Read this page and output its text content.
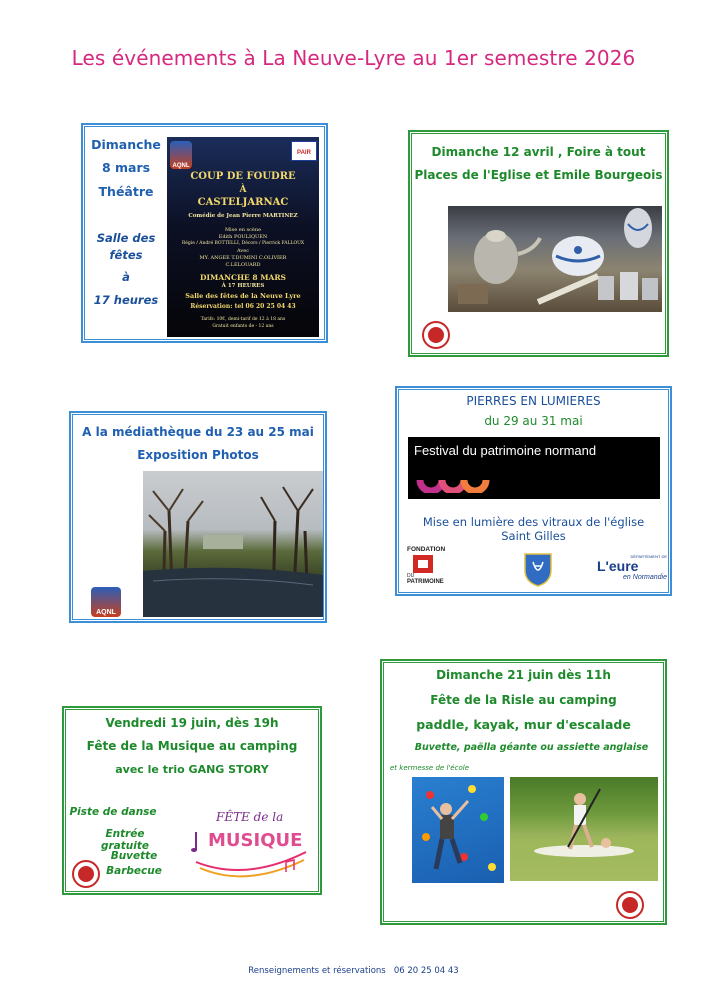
Les événements à La Neuve-Lyre au 1er semestre 2026
Dimanche
8 mars
Théâtre
Salle des
fêtes
à
17 heures
AQNL
PAIR
COUP DE FOUDRE
À
CASTELJARNAC
Comédie de Jean Pierre MARTINEZ
Mise en scène
Edith POULIQUEN
Régie / André BOTTELLI, Décors / Pierrick FALLOUX
Avec
MY. ANGEE T.DUMINI C.OLIVIER
C.LELOUARD
DIMANCHE 8 MARS
À 17 HEURES
Salle des fêtes de la Neuve Lyre
Réservation: tel 06 20 25 04 43
Tarifs: 10€, demi-tarif de 12 à 18 ans
Gratuit enfants de - 12 ans
Dimanche 12 avril , Foire à tout
Places de l'Eglise et Emile Bourgeois
A la médiathèque du 23 au 25 mai
Exposition Photos
AQNL
PIERRES EN LUMIERES
du 29 au 31 mai
Festival du patrimoine normand
Mise en lumière des vitraux de l'église
Saint Gilles
FONDATION
DU
PATRIMOINE
DÉPARTEMENT DE
L'eure
en Normandie
Vendredi 19 juin, dès 19h
Fête de la Musique au camping
avec le trio GANG STORY
Piste de danse
Entrée gratuite
Buvette
Barbecue
FÊTE de la
MUSIQUE
Dimanche 21 juin dès 11h
Fête de la Risle au camping
paddle, kayak, mur d'escalade
Buvette, paëlla géante ou assiette anglaise
et kermesse de l'école
Renseignements et réservations   06 20 25 04 43
